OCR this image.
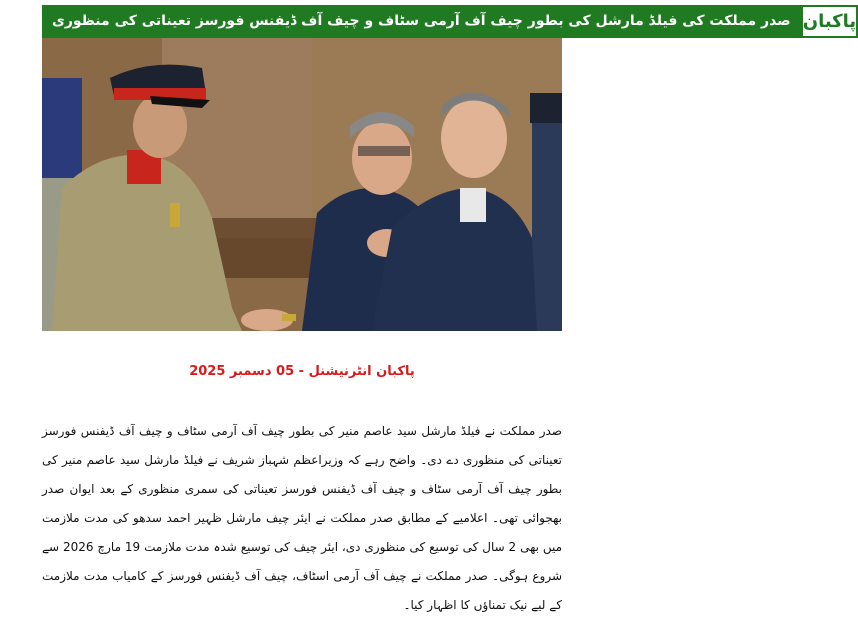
صدر مملکت کی فیلڈ مارشل کی بطور چیف آف آرمی سٹاف و چیف آف ڈیفنس فورسز تعیناتی کی منظوری پاکبان
پاکبان انٹرنیشنل - 05 دسمبر 2025
صدر مملکت نے فیلڈ مارشل سید عاصم منیر کی بطور چیف آف آرمی سٹاف و چیف آف ڈیفنس فورسز تعیناتی کی منظوری دے دی۔ واضح رہے کہ وزیراعظم شہباز شریف نے فیلڈ مارشل سید عاصم منیر کی بطور چیف آف آرمی سٹاف و چیف آف ڈیفنس فورسز تعیناتی کی سمری منظوری کے بعد ایوان صدر بھجوائی تھی۔ اعلامیے کے مطابق صدر مملکت نے ایئر چیف مارشل ظہیر احمد سدھو کی مدت ملازمت میں بھی 2 سال کی توسیع کی منظوری دی، ایئر چیف کی توسیع شدہ مدت ملازمت 19 مارچ 2026 سے شروع ہوگی۔ صدر مملکت نے چیف آف آرمی اسٹاف، چیف آف ڈیفنس فورسز کے کامیاب مدت ملازمت کے لیے نیک تمناؤں کا اظہار کیا۔
